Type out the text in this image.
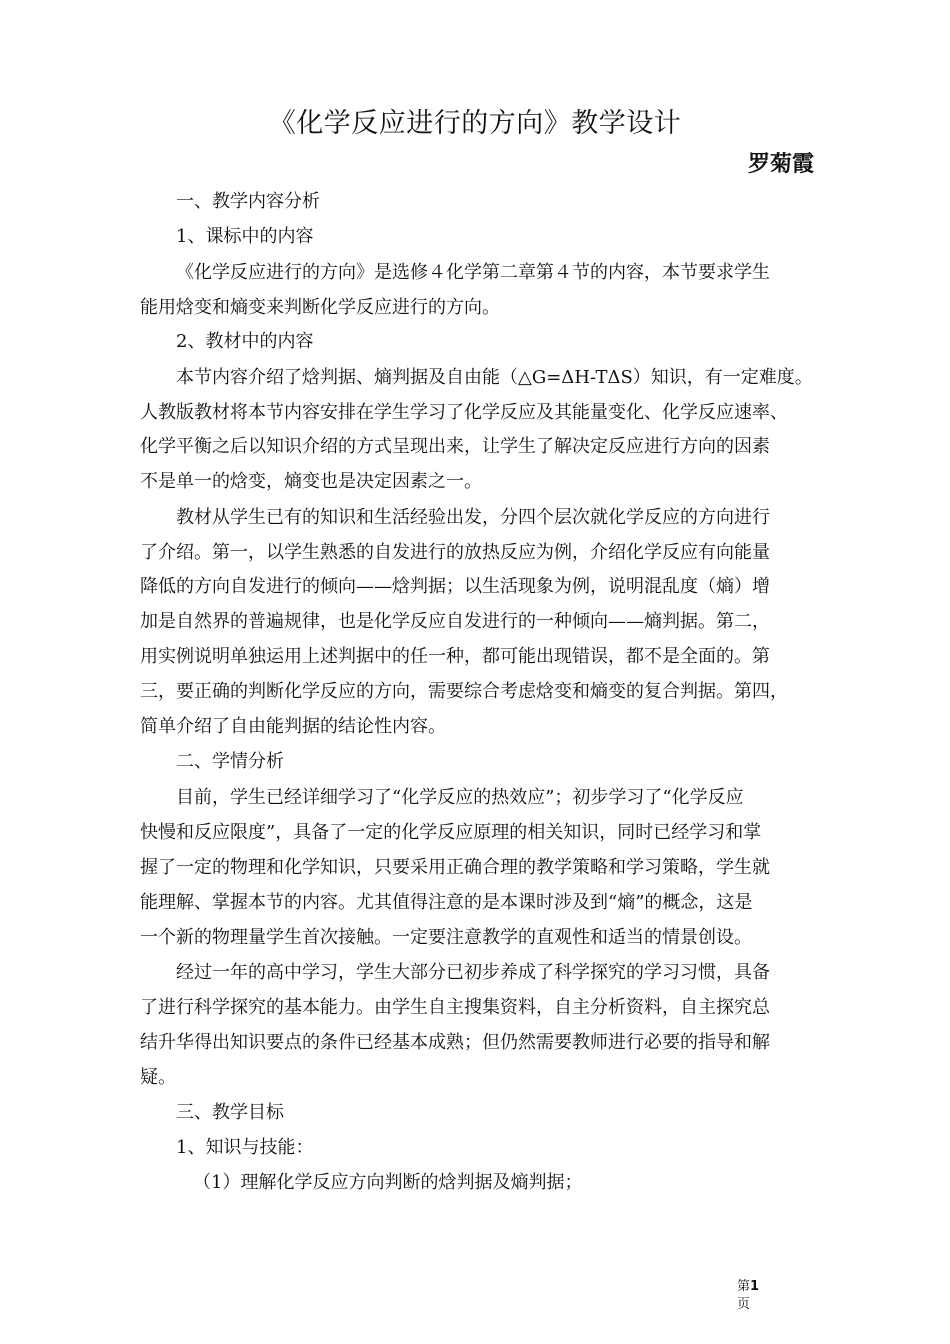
《化学反应进行的方向》教学设计
罗菊霞
一、教学内容分析
1、课标中的内容
《化学反应进行的方向》是选修４化学第二章第４节的内容，本节要求学生
能用焓变和熵变来判断化学反应进行的方向。
2、教材中的内容
本节内容介绍了焓判据、熵判据及自由能（△G=ΔH-TΔS）知识，有一定难度。
人教版教材将本节内容安排在学生学习了化学反应及其能量变化、化学反应速率、
化学平衡之后以知识介绍的方式呈现出来，让学生了解决定反应进行方向的因素
不是单一的焓变，熵变也是决定因素之一。
教材从学生已有的知识和生活经验出发，分四个层次就化学反应的方向进行
了介绍。第一，以学生熟悉的自发进行的放热反应为例，介绍化学反应有向能量
降低的方向自发进行的倾向——焓判据；以生活现象为例，说明混乱度（熵）增
加是自然界的普遍规律，也是化学反应自发进行的一种倾向——熵判据。第二，
用实例说明单独运用上述判据中的任一种，都可能出现错误，都不是全面的。第
三，要正确的判断化学反应的方向，需要综合考虑焓变和熵变的复合判据。第四，
简单介绍了自由能判据的结论性内容。
二、学情分析
目前，学生已经详细学习了“化学反应的热效应”；初步学习了“化学反应
快慢和反应限度”，具备了一定的化学反应原理的相关知识，同时已经学习和掌
握了一定的物理和化学知识，只要采用正确合理的教学策略和学习策略，学生就
能理解、掌握本节的内容。尤其值得注意的是本课时涉及到“熵”的概念，这是
一个新的物理量学生首次接触。一定要注意教学的直观性和适当的情景创设。
经过一年的高中学习，学生大部分已初步养成了科学探究的学习习惯，具备
了进行科学探究的基本能力。由学生自主搜集资料，自主分析资料，自主探究总
结升华得出知识要点的条件已经基本成熟；但仍然需要教师进行必要的指导和解
疑。
三、教学目标
1、知识与技能：
（1）理解化学反应方向判断的焓判据及熵判据；
第1
页
